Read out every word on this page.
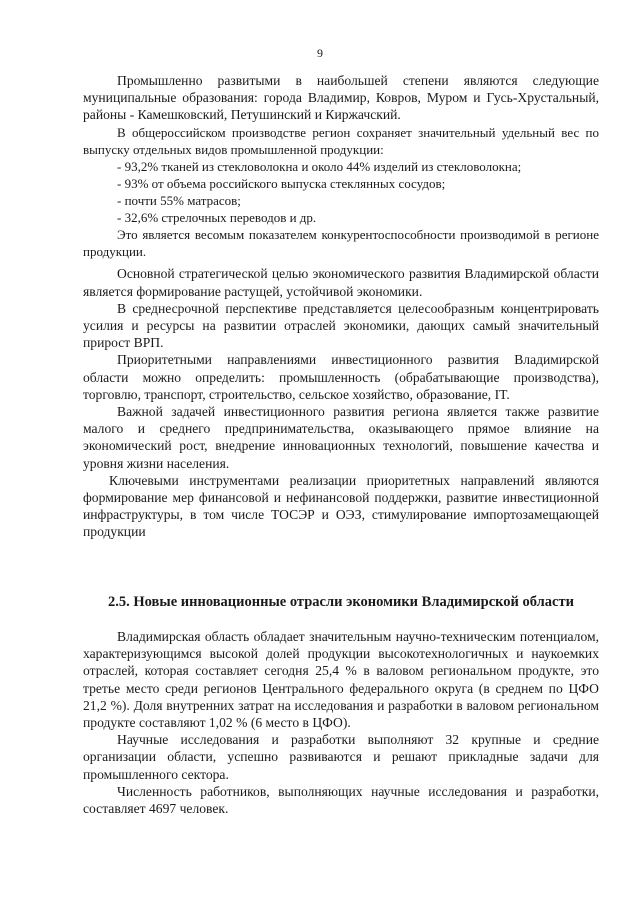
9

Промышленно развитыми в наибольшей степени являются следующие муниципальные образования: города Владимир, Ковров, Муром и Гусь-Хрустальный, районы - Камешковский, Петушинский и Киржачский.

В общероссийском производстве регион сохраняет значительный удельный вес по выпуску отдельных видов промышленной продукции:

- 93,2% тканей из стекловолокна и около 44% изделий из стекловолокна;
- 93% от объема российского выпуска стеклянных сосудов;
- почти 55% матрасов;
- 32,6% стрелочных переводов и др.

Это является весомым показателем конкурентоспособности производимой в регионе продукции.

Основной стратегической целью экономического развития Владимирской области является формирование растущей, устойчивой экономики.

В среднесрочной перспективе представляется целесообразным концентрировать усилия и ресурсы на развитии отраслей экономики, дающих самый значительный прирост ВРП.

Приоритетными направлениями инвестиционного развития Владимирской области можно определить: промышленность (обрабатывающие производства), торговлю, транспорт, строительство, сельское хозяйство, образование, IT.

Важной задачей инвестиционного развития региона является также развитие малого и среднего предпринимательства, оказывающего прямое влияние на экономический рост, внедрение инновационных технологий, повышение качества и уровня жизни населения.

Ключевыми инструментами реализации приоритетных направлений являются формирование мер финансовой и нефинансовой поддержки, развитие инвестиционной инфраструктуры, в том числе ТОСЭР и ОЭЗ, стимулирование импортозамещающей продукции

2.5. Новые инновационные отрасли экономики Владимирской области

Владимирская область обладает значительным научно-техническим потенциалом, характеризующимся высокой долей продукции высокотехнологичных и наукоемких отраслей, которая составляет сегодня 25,4 % в валовом региональном продукте, это третье место среди регионов Центрального федерального округа (в среднем по ЦФО 21,2 %). Доля внутренних затрат на исследования и разработки в валовом региональном продукте составляют 1,02 % (6 место в ЦФО).

Научные исследования и разработки выполняют 32 крупные и средние организации области, успешно развиваются и решают прикладные задачи для промышленного сектора.

Численность работников, выполняющих научные исследования и разработки, составляет 4697 человек.
